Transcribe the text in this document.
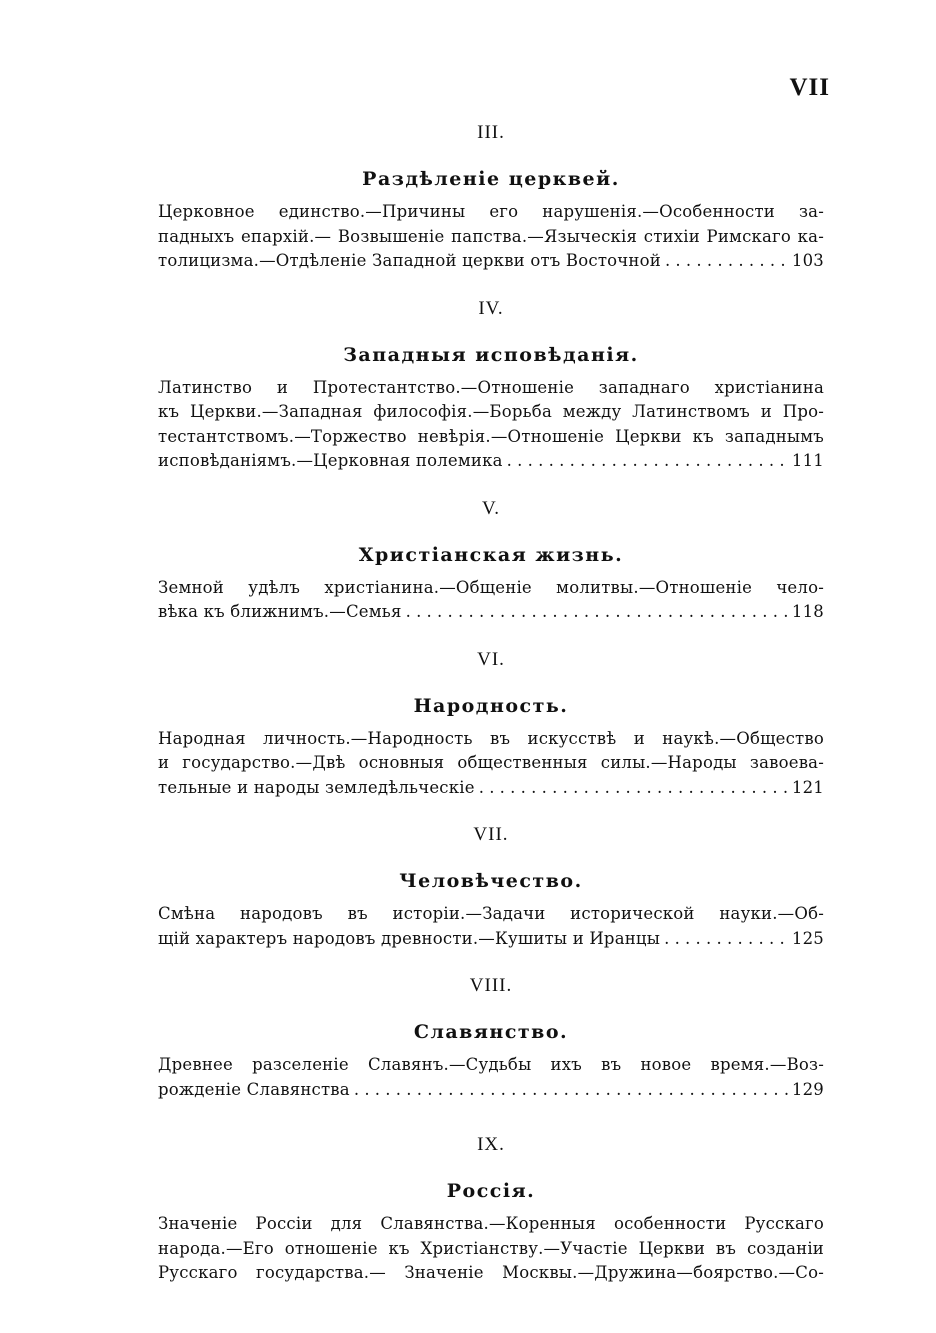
VII
III.
Раздѣленіе церквей.
Церковное единство.—Причины его нарушенія.—Особенности за-
падныхъ епархій.— Возвышеніе папства.—Языческія стихіи Римскаго ка-
толицизма.—Отдѣленіе Западной церкви отъ Восточной . . .	103
IV.
Западныя исповѣданія.
Латинство и Протестантство.—Отношеніе западнаго христіанина
къ Церкви.—Западная философія.—Борьба между Латинствомъ и Про-
тестантствомъ.—Торжество невѣрія.—Отношеніе Церкви къ западнымъ
исповѣданіямъ.—Церковная полемика . . .	111
V.
Христіанская жизнь.
Земной удѣлъ христіанина.—Общеніе молитвы.—Отношеніе чело-
вѣка къ ближнимъ.—Семья . . .	118
VI.
Народность.
Народная личность.—Народность въ искусствѣ и наукѣ.—Общество
и государство.—Двѣ основныя общественныя силы.—Народы завоева-
тельные и народы земледѣльческіе . . .	121
VII.
Человѣчество.
Смѣна народовъ въ исторіи.—Задачи исторической науки.—Об-
щій характеръ народовъ древности.—Кушиты и Иранцы . . .	125
VIII.
Славянство.
Древнее разселеніе Славянъ.—Судьбы ихъ въ новое время.—Воз-
рожденіе Славянства . . .	129
IX.
Россія.
Значеніе Россіи для Славянства.—Коренныя особенности Русскаго
народа.—Его отношеніе къ Христіанству.—Участіе Церкви въ созданіи
Русскаго государства.— Значеніе Москвы.—Дружина—боярство.—Со-
